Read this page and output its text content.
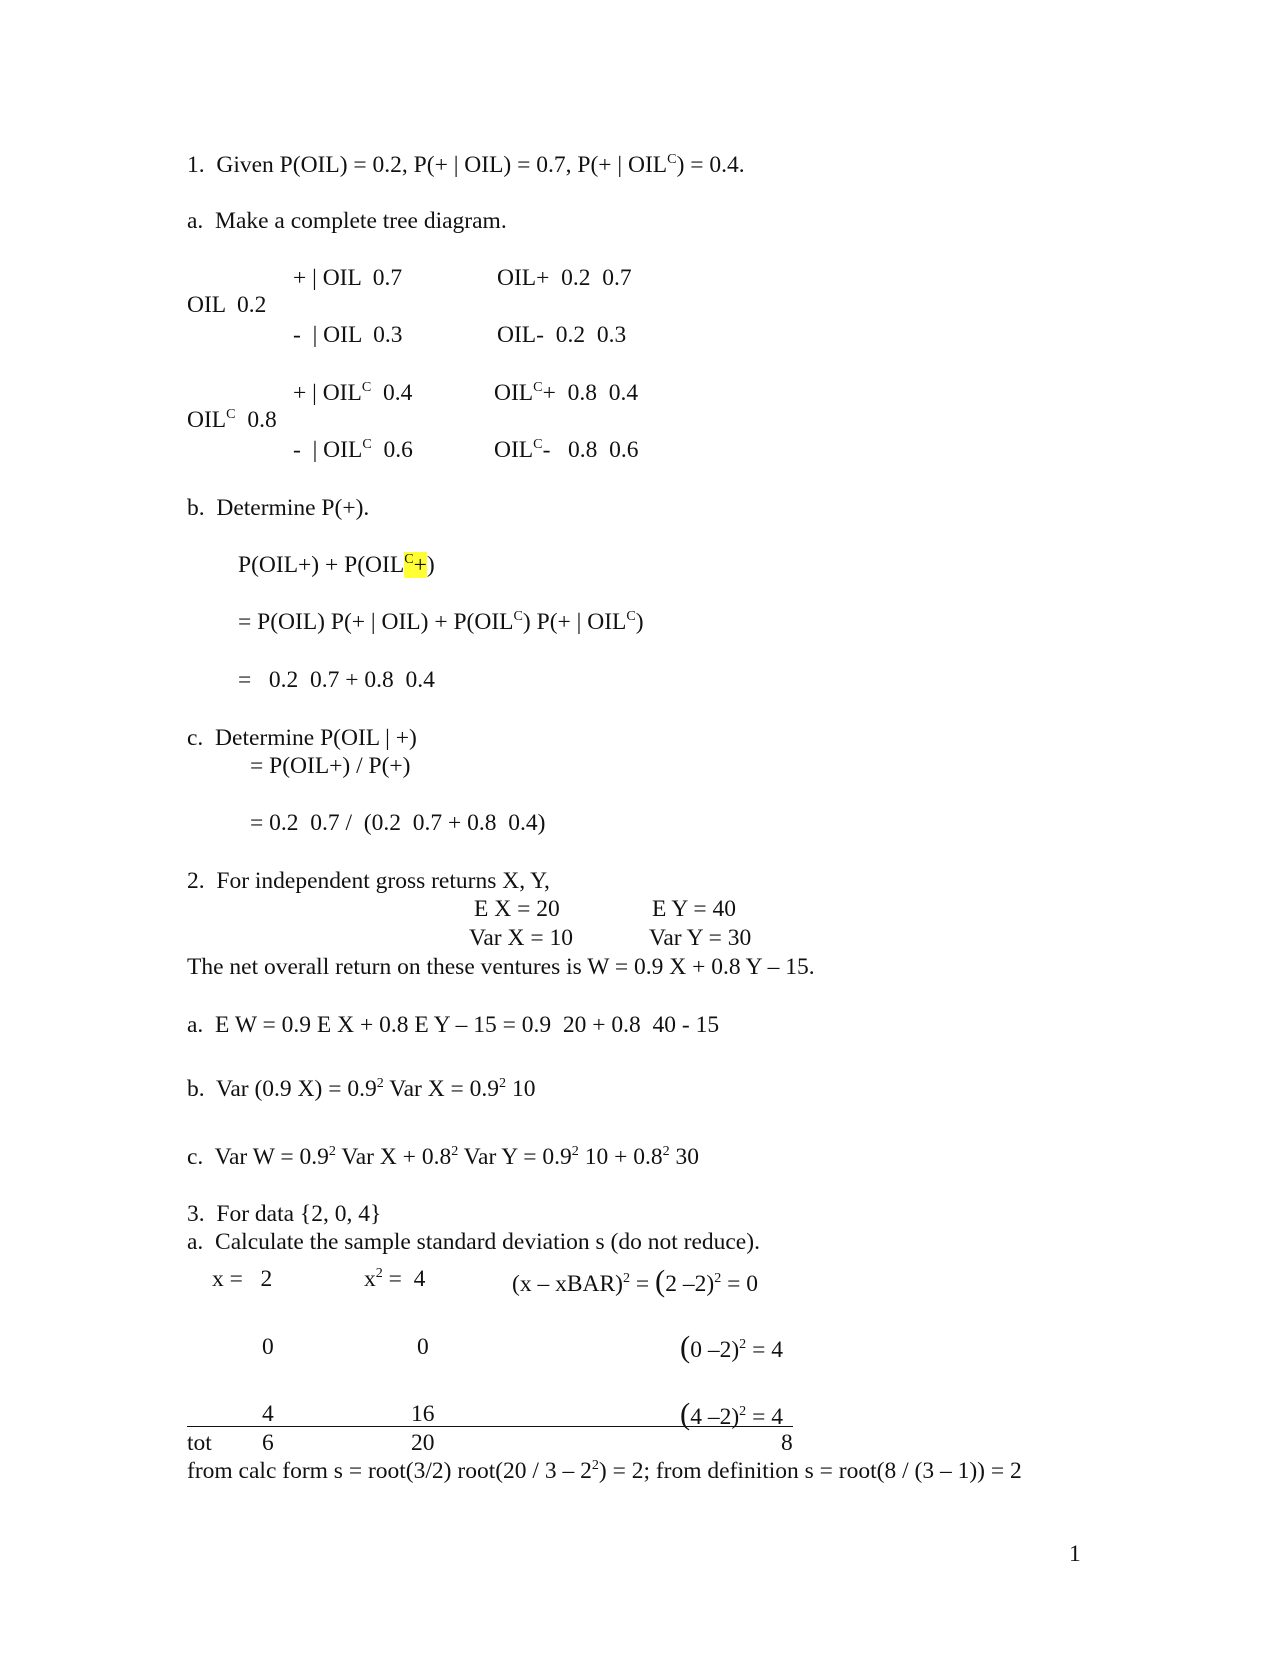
1.  Given P(OIL) = 0.2, P(+ | OIL) = 0.7, P(+ | $OIL^C) = 0.4$.
a.  Make a complete tree diagram.
+ | OIL  0.7	OIL+  0.2  0.7
OIL  0.2
-  | OIL  0.3	OIL-  0.2  0.3
+ | $OIL^C$  0.4	$OIL^C+ 0.8$  0.4
$OIL^C$  0.8
-  | $OIL^C$  0.6	$OIL^C-$   0.8  0.6
b.  Determine P(+).
$P(OIL+) + P(OIL^C+)$
= P(OIL) P(+ | $OIL) + P(OIL^C)$ P(+ | $OIL^C$)
=   0.2  0.7 + 0.8  0.4
c.  Determine P(OIL | +)
= P(OIL+) / P(+)
= 0.2  0.7 /  (0.2  0.7 + 0.8  0.4)
2.  For independent gross returns X, Y,
E X = 20	E Y = 40
Var X = 10	Var Y = 30
The net overall return on these ventures is W = 0.9 X + 0.8 Y – 15.
a.  E W = 0.9 E X + 0.8 E Y – 15 = 0.9  20 + 0.8  40 - 15
b.  Var (0.9 $X) = 0.9^2$ Var $X = 0.9^2$ 10
c.  Var $W = 0.9^2$ Var $X + 0.8^2$ Var $Y = 0.9^2$ $10 + 0.8^2$ 30
3.  For data {2, 0, 4}
a.  Calculate the sample standard deviation s (do not reduce).
x =   2	$x^2 = 4$	(x – xBAR)$^2$ = (2 –2)$^2$ = 0
0	0	(0 –2)$^2$ = 4
4	16	(4 –2)$^2$ = 4
tot 6	20	8
from calc form s = root(3/2) root(20 / $3 - 2^2) = 2$; from definition s = root(8 / (3 – 1)) = 2
1
